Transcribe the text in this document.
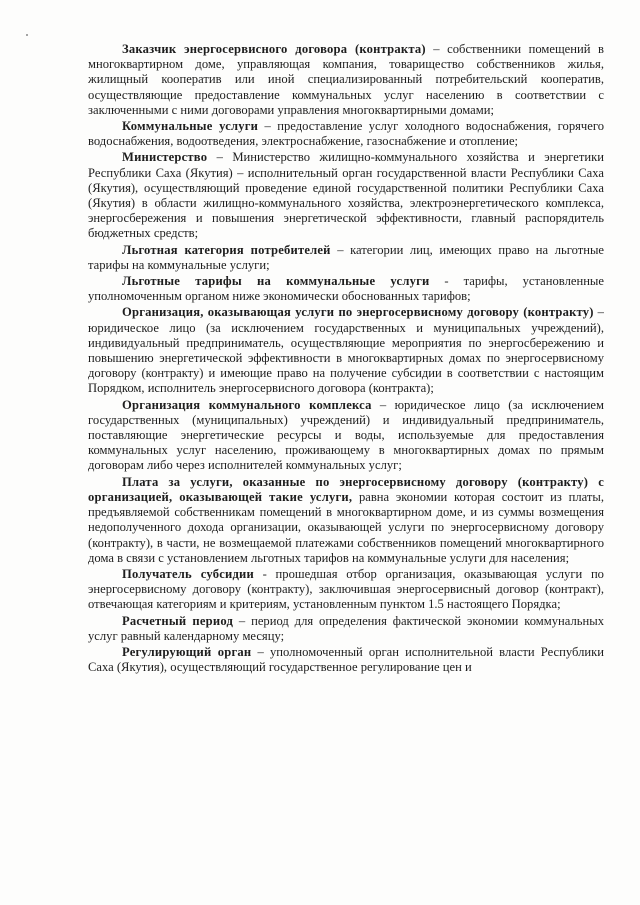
Заказчик энергосервисного договора (контракта) – собственники помещений в многоквартирном доме, управляющая компания, товарищество собственников жилья, жилищный кооператив или иной специализированный потребительский кооператив, осуществляющие предоставление коммунальных услуг населению в соответствии с заключенными с ними договорами управления многоквартирными домами;

Коммунальные услуги – предоставление услуг холодного водоснабжения, горячего водоснабжения, водоотведения, электроснабжение, газоснабжение и отопление;

Министерство – Министерство жилищно-коммунального хозяйства и энергетики Республики Саха (Якутия) – исполнительный орган государственной власти Республики Саха (Якутия), осуществляющий проведение единой государственной политики Республики Саха (Якутия) в области жилищно-коммунального хозяйства, электроэнергетического комплекса, энергосбережения и повышения энергетической эффективности, главный распорядитель бюджетных средств;

Льготная категория потребителей – категории лиц, имеющих право на льготные тарифы на коммунальные услуги;

Льготные тарифы на коммунальные услуги - тарифы, установленные уполномоченным органом ниже экономически обоснованных тарифов;

Организация, оказывающая услуги по энергосервисному договору (контракту) – юридическое лицо (за исключением государственных и муниципальных учреждений), индивидуальный предприниматель, осуществляющие мероприятия по энергосбережению и повышению энергетической эффективности в многоквартирных домах по энергосервисному договору (контракту) и имеющие право на получение субсидии в соответствии с настоящим Порядком, исполнитель энергосервисного договора (контракта);

Организация коммунального комплекса – юридическое лицо (за исключением государственных (муниципальных) учреждений) и индивидуальный предприниматель, поставляющие энергетические ресурсы и воды, используемые для предоставления коммунальных услуг населению, проживающему в многоквартирных домах по прямым договорам либо через исполнителей коммунальных услуг;

Плата за услуги, оказанные по энергосервисному договору (контракту) с организацией, оказывающей такие услуги, равна экономии которая состоит из платы, предъявляемой собственникам помещений в многоквартирном доме, и из суммы возмещения недополученного дохода организации, оказывающей услуги по энергосервисному договору (контракту), в части, не возмещаемой платежами собственников помещений многоквартирного дома в связи с установлением льготных тарифов на коммунальные услуги для населения;

Получатель субсидии - прошедшая отбор организация, оказывающая услуги по энергосервисному договору (контракту), заключившая энергосервисный договор (контракт), отвечающая категориям и критериям, установленным пунктом 1.5 настоящего Порядка;

Расчетный период – период для определения фактической экономии коммунальных услуг равный календарному месяцу;

Регулирующий орган – уполномоченный орган исполнительной власти Республики Саха (Якутия), осуществляющий государственное регулирование цен и
